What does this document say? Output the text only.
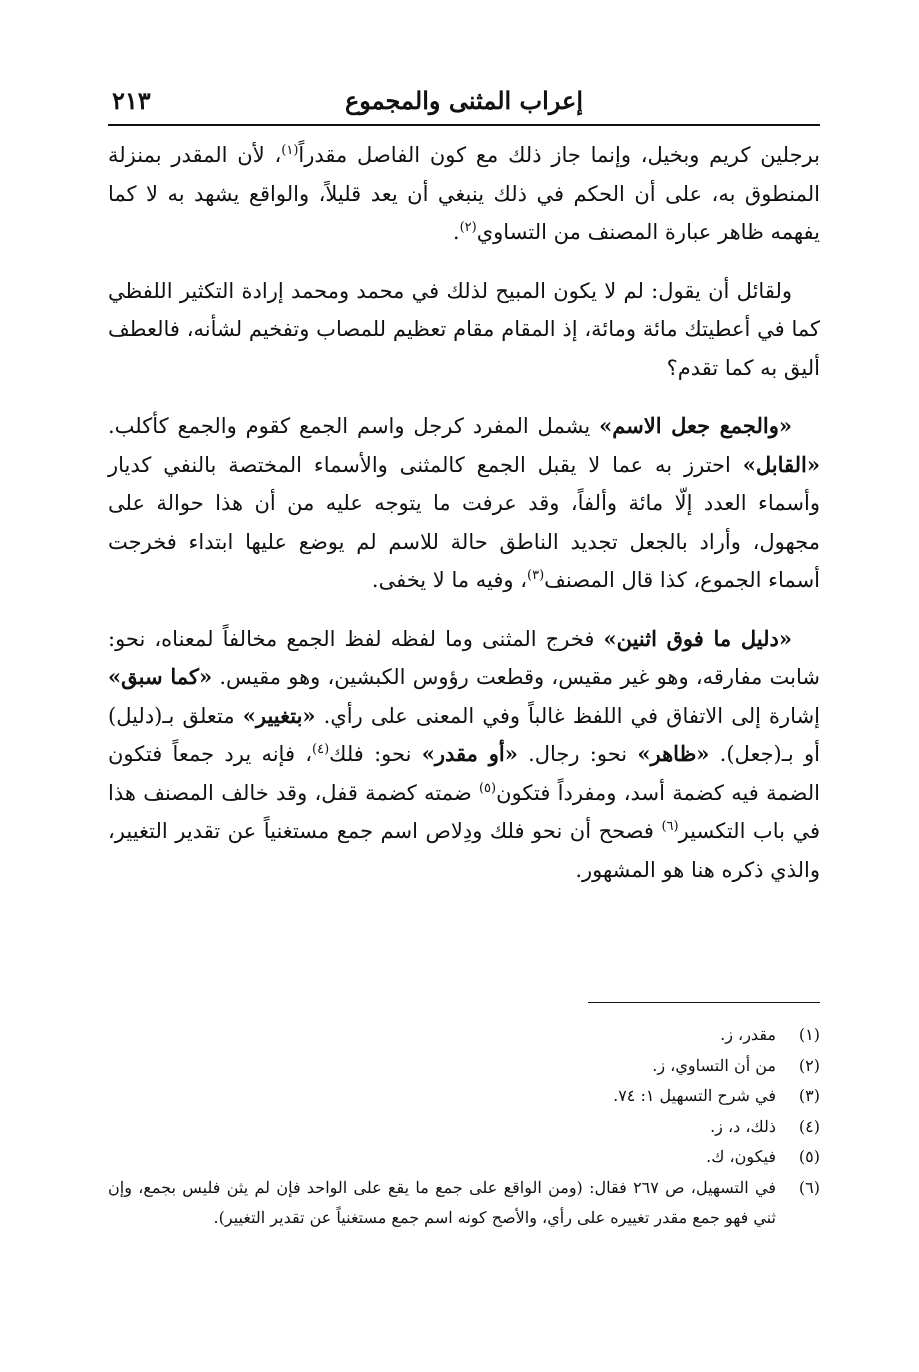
إعراب المثنى والمجموع
٢١٣

برجلين كريم وبخيل، وإنما جاز ذلك مع كون الفاصل مقدراً$^{(١)}$، لأن المقدر بمنزلة المنطوق به، على أن الحكم في ذلك ينبغي أن يعد قليلاً، والواقع يشهد به لا كما يفهمه ظاهر عبارة المصنف من التساوي$^{(٢)}$.

ولقائل أن يقول: لم لا يكون المبيح لذلك في محمد ومحمد إرادة التكثير اللفظي كما في أعطيتك مائة ومائة، إذ المقام مقام تعظيم للمصاب وتفخيم لشأنه، فالعطف أليق به كما تقدم؟

«والجمع جعل الاسم» يشمل المفرد كرجل واسم الجمع كقوم والجمع كأكلب. «القابل» احترز به عما لا يقبل الجمع كالمثنى والأسماء المختصة بالنفي كديار وأسماء العدد إلّا مائة وألفاً، وقد عرفت ما يتوجه عليه من أن هذا حوالة على مجهول، وأراد بالجعل تجديد الناطق حالة للاسم لم يوضع عليها ابتداء فخرجت أسماء الجموع، كذا قال المصنف$^{(٣)}$، وفيه ما لا يخفى.

«دليل ما فوق اثنين» فخرج المثنى وما لفظه لفظ الجمع مخالفاً لمعناه، نحو: شابت مفارقه، وهو غير مقيس، وقطعت رؤوس الكبشين، وهو مقيس. «كما سبق» إشارة إلى الاتفاق في اللفظ غالباً وفي المعنى على رأي. «بتغيير» متعلق بـ(دليل) أو بـ(جعل). «ظاهر» نحو: رجال. «أو مقدر» نحو: فلك$^{(٤)}$، فإنه يرد جمعاً فتكون الضمة فيه كضمة أسد، ومفرداً فتكون$^{(٥)}$ ضمته كضمة قفل، وقد خالف المصنف هذا في باب التكسير$^{(٦)}$ فصحح أن نحو فلك ودِلاص اسم جمع مستغنياً عن تقدير التغيير، والذي ذكره هنا هو المشهور.

(١)
مقدر، ز.
(٢)
من أن التساوي، ز.
(٣)
في شرح التسهيل ١: ٧٤.
(٤)
ذلك، د، ز.
(٥)
فيكون، ك.
(٦)
في التسهيل، ص ٢٦٧ فقال: (ومن الواقع على جمع ما يقع على الواحد فإن لم يثن فليس بجمع، وإن ثني فهو جمع مقدر تغييره على رأي، والأصح كونه اسم جمع مستغنياً عن تقدير التغيير).
